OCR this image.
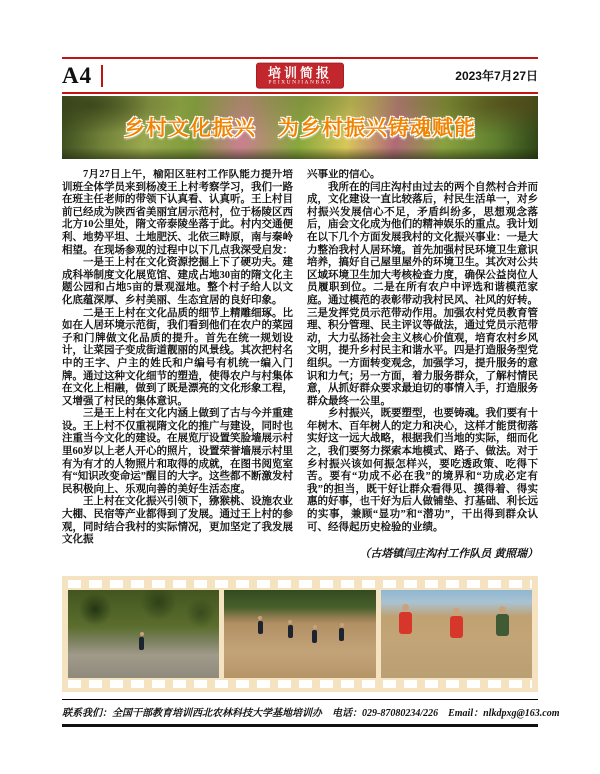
A4	培训简报
PEIXUNJIANBAO	2023年7月27日
乡村文化振兴　为乡村振兴铸魂赋能

7月27日上午，榆阳区驻村工作队能力提升培训班全体学员来到杨凌王上村考察学习，我们一路在班主任老师的带领下认真看、认真听。王上村目前已经成为陕西省美丽宜居示范村，位于杨陵区西北方10公里处，隋文帝泰陵坐落于此。村内交通便利、地势平坦、土地肥沃、北依三畤原，南与秦岭相望。在现场参观的过程中以下几点我深受启发：

一是王上村在文化资源挖掘上下了硬功夫。建成科举制度文化展览馆、建成占地30亩的隋文化主题公园和占地5亩的景观湿地。整个村子给人以文化底蕴深厚、乡村美丽、生态宜居的良好印象。

二是王上村在文化品质的细节上精雕细琢。比如在人居环境示范街，我们看到他们在农户的菜园子和门牌做文化品质的提升。首先在统一规划设计，让菜园子变成街道靓丽的风景线。其次把村名中的王字、户主的姓氏和户编号有机统一编入门牌。通过这种文化细节的塑造，使得农户与村集体在文化上相融，做到了既是漂亮的文化形象工程，又增强了村民的集体意识。

三是王上村在文化内涵上做到了古与今并重建设。王上村不仅重视隋文化的推广与建设，同时也注重当今文化的建设。在展览厅设置笑脸墙展示村里60岁以上老人开心的照片，设置荣誉墙展示村里有为有才的人物照片和取得的成就，在图书阅览室有“知识改变命运”醒目的大字。这些都不断激发村民积极向上、乐观向善的美好生活态度。

王上村在文化振兴引领下，猕猴桃、设施农业大棚、民宿等产业都得到了发展。通过王上村的参观，同时结合我村的实际情况，更加坚定了我发展文化振

兴事业的信心。

我所在的闫庄沟村由过去的两个自然村合并而成，文化建设一直比较落后，村民生活单一，对乡村振兴发展信心不足，矛盾纠纷多，思想观念落后，庙会文化成为他们的精神娱乐的重点。我计划在以下几个方面发展我村的文化振兴事业：一是大力整治我村人居环境。首先加强村民环境卫生意识培养，搞好自己屋里屋外的环境卫生。其次对公共区域环境卫生加大考核检查力度，确保公益岗位人员履职到位。二是在所有农户中评选和谐模范家庭。通过模范的表彰带动我村民风、社风的好转。三是发挥党员示范带动作用。加强农村党员教育管理、积分管理、民主评议等做法，通过党员示范带动，大力弘扬社会主义核心价值观，培育农村乡风文明，提升乡村民主和谐水平。四是打造服务型党组织。一方面转变观念，加强学习，提升服务的意识和力气；另一方面，着力服务群众，了解村情民意，从抓好群众要求最迫切的事情入手，打造服务群众最终一公里。

乡村振兴，既要塑型，也要铸魂。我们要有十年树木、百年树人的定力和决心，这样才能贯彻落实好这一远大战略，根据我们当地的实际，细而化之，我们要努力探索本地模式、路子、做法。对于乡村振兴该如何振怎样兴，要吃透政策、吃得下苦。要有“功成不必在我”的境界和“功成必定有我”的担当，既干好让群众看得见、摸得着、得实惠的好事，也干好为后人做铺垫、打基础、利长远的实事，兼顾“显功”和“潜功”，干出得到群众认可、经得起历史检验的业绩。

（古塔镇闫庄沟村工作队员 黄照瑞）
联系我们：全国干部教育培训西北农林科技大学基地培训办　电话：029-87080234/226　Email：nlkdpxg@163.com
